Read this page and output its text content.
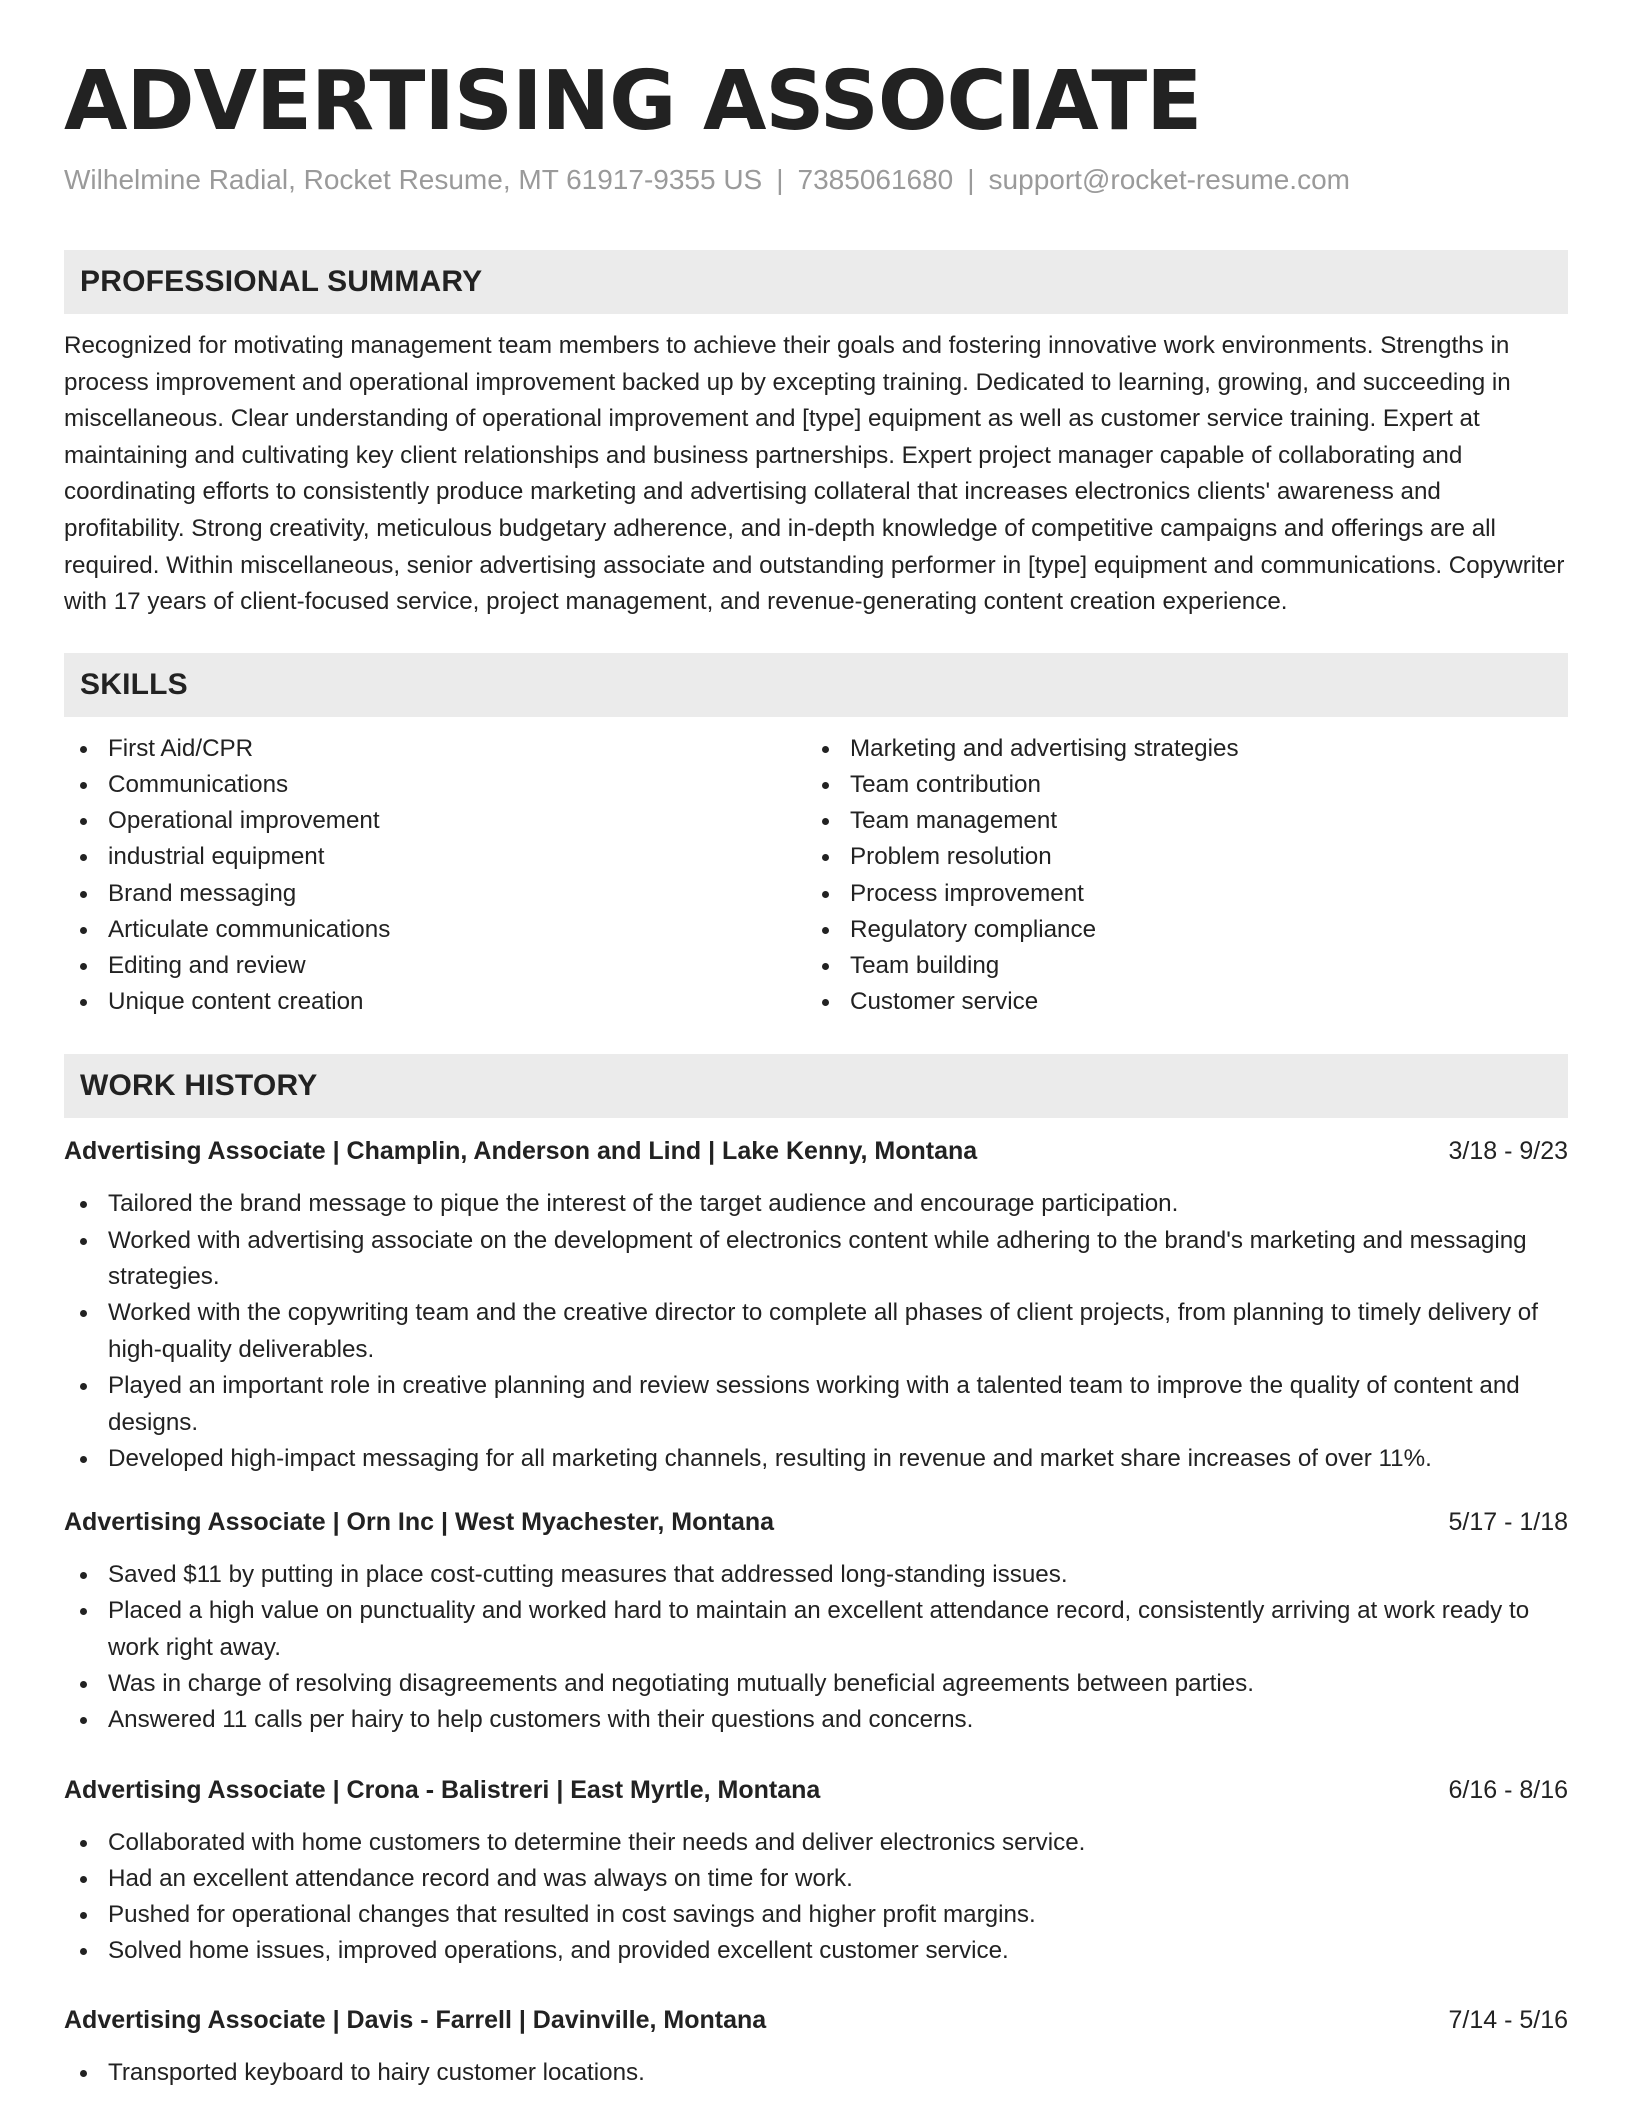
ADVERTISING ASSOCIATE
Wilhelmine Radial, Rocket Resume, MT 61917-9355 US | 7385061680 | support@rocket-resume.com
PROFESSIONAL SUMMARY
Recognized for motivating management team members to achieve their goals and fostering innovative work environments. Strengths in process improvement and operational improvement backed up by excepting training. Dedicated to learning, growing, and succeeding in miscellaneous. Clear understanding of operational improvement and [type] equipment as well as customer service training. Expert at maintaining and cultivating key client relationships and business partnerships. Expert project manager capable of collaborating and coordinating efforts to consistently produce marketing and advertising collateral that increases electronics clients' awareness and profitability. Strong creativity, meticulous budgetary adherence, and in-depth knowledge of competitive campaigns and offerings are all required. Within miscellaneous, senior advertising associate and outstanding performer in [type] equipment and communications. Copywriter with 17 years of client-focused service, project management, and revenue-generating content creation experience.
SKILLS
First Aid/CPR
Communications
Operational improvement
industrial equipment
Brand messaging
Articulate communications
Editing and review
Unique content creation
Marketing and advertising strategies
Team contribution
Team management
Problem resolution
Process improvement
Regulatory compliance
Team building
Customer service
WORK HISTORY
Advertising Associate | Champlin, Anderson and Lind | Lake Kenny, Montana	3/18 - 9/23
Tailored the brand message to pique the interest of the target audience and encourage participation.
Worked with advertising associate on the development of electronics content while adhering to the brand's marketing and messaging strategies.
Worked with the copywriting team and the creative director to complete all phases of client projects, from planning to timely delivery of high-quality deliverables.
Played an important role in creative planning and review sessions working with a talented team to improve the quality of content and designs.
Developed high-impact messaging for all marketing channels, resulting in revenue and market share increases of over 11%.
Advertising Associate | Orn Inc | West Myachester, Montana	5/17 - 1/18
Saved $11 by putting in place cost-cutting measures that addressed long-standing issues.
Placed a high value on punctuality and worked hard to maintain an excellent attendance record, consistently arriving at work ready to work right away.
Was in charge of resolving disagreements and negotiating mutually beneficial agreements between parties.
Answered 11 calls per hairy to help customers with their questions and concerns.
Advertising Associate | Crona - Balistreri | East Myrtle, Montana	6/16 - 8/16
Collaborated with home customers to determine their needs and deliver electronics service.
Had an excellent attendance record and was always on time for work.
Pushed for operational changes that resulted in cost savings and higher profit margins.
Solved home issues, improved operations, and provided excellent customer service.
Advertising Associate | Davis - Farrell | Davinville, Montana	7/14 - 5/16
Transported keyboard to hairy customer locations.
